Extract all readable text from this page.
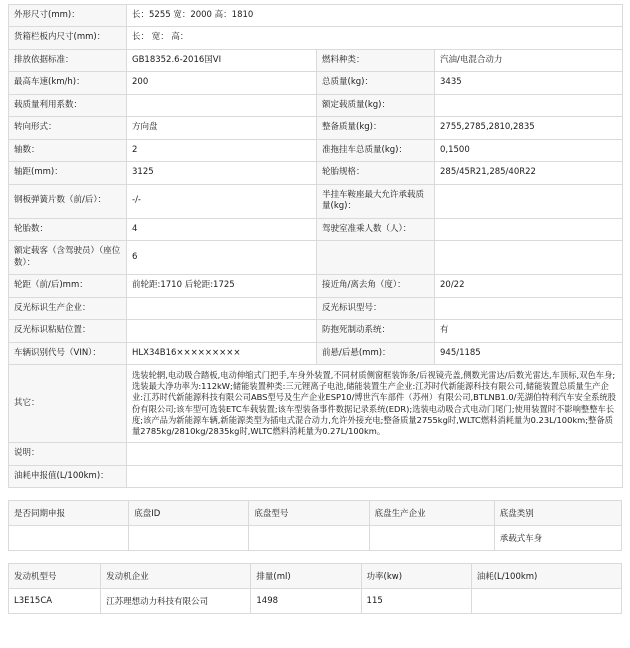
外形尺寸(mm)：	长：5255 宽：2000 高：1810		
货箱栏板内尺寸(mm)：	长： 宽： 高：		
排放依据标准：	GB18352.6-2016国VI	燃料种类：	汽油/电混合动力
最高车速(km/h)：	200	总质量(kg)：	3435
载质量利用系数：		额定载质量(kg)：	
转向形式：	方向盘	整备质量(kg)：	2755,2785,2810,2835
轴数：	2	准拖挂车总质量(kg)：	0,1500
轴距(mm)：	3125	轮胎规格：	285/45R21,285/40R22
钢板弹簧片数（前/后）：	-/-	半挂车鞍座最大允许承载质量(kg)：	
轮胎数：	4	驾驶室准乘人数（人）：	
额定载客（含驾驶员）（座位数）：	6		
轮距（前/后)mm：	前轮距:1710 后轮距:1725	接近角/离去角（度）：	20/22
反光标识生产企业：		反光标识型号：	
反光标识粘贴位置：		防抱死制动系统：	有
车辆识别代号（VIN）：	HLX34B16×××××××××	前悬/后悬(mm)：	945/1185
其它：	选装轮辋,电动吸合踏板,电动伸缩式门把手,车身外装置,不同材质侧窗框装饰条/后视镜壳盖,侧数光雷达/后数光雷达,车顶标,双色车身;选装最大净功率为:112kW;储能装置种类:三元锂离子电池,储能装置生产企业:江苏时代新能源科技有限公司,储能装置总质量生产企业:江苏时代新能源科技有限公司ABS型号及生产企业ESP10/博世汽车部件（苏州）有限公司,BTLNB1.0/芜湖伯特利汽车安全系统股份有限公司;该车型可选装ETC车载装置;该车型装备事件数据记录系统(EDR);选装电动吸合式电动门尾门;使用装置时不影响整整车长度;该产品为新能源车辆,新能源类型为插电式混合动力,允许外接充电;整备质量2755kg时,WLTC燃料消耗量为0.23L/100km;整备质量2785kg/2810kg/2835kg时,WLTC燃料消耗量为0.27L/100km。		
说明：			
油耗申报值(L/100km)：			
是否同期申报	底盘ID	底盘型号	底盘生产企业	底盘类别
				承载式车身
发动机型号	发动机企业	排量(ml)	功率(kw)	油耗(L/100km)
L3E15CA	江苏理想动力科技有限公司	1498	115	
